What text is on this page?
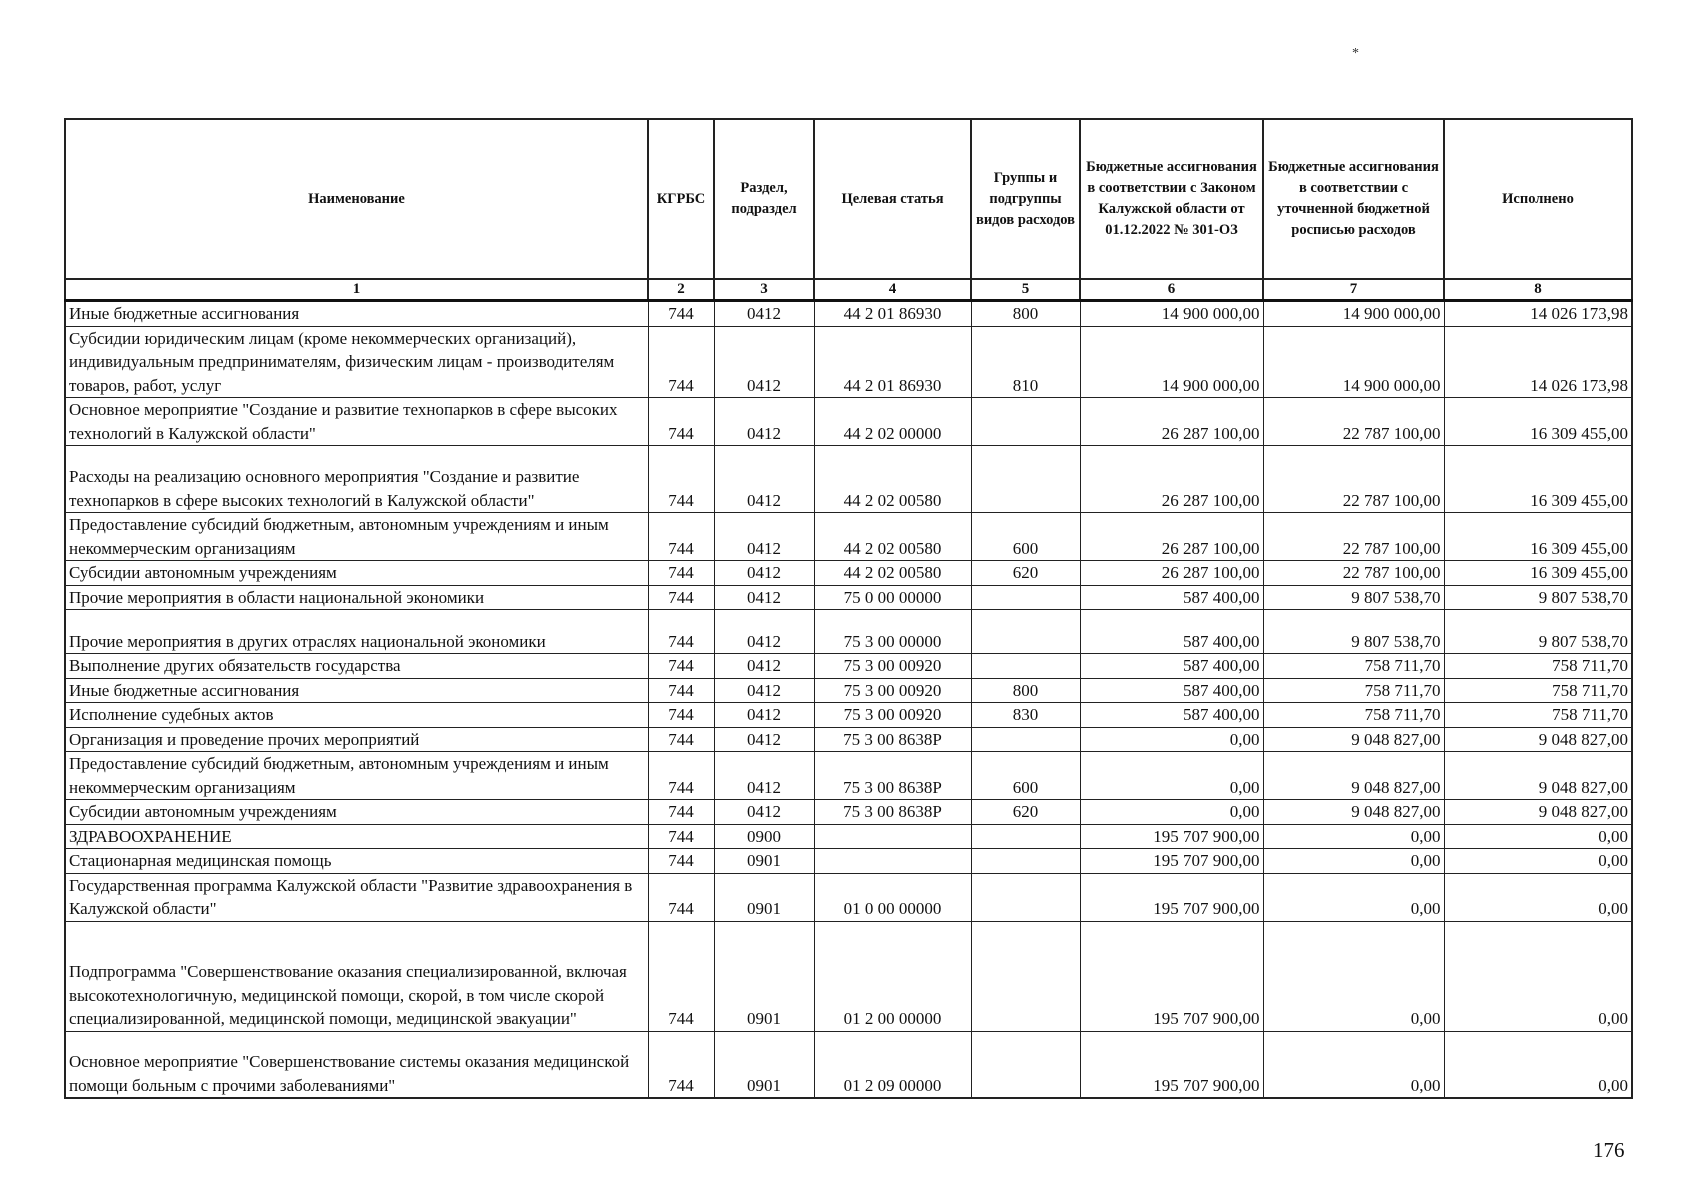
*
Наименование	КГРБС	Раздел, подраздел	Целевая статья	Группы и подгруппы видов расходов	Бюджетные ассигнования в соответствии с Законом Калужской области от 01.12.2022 № 301-ОЗ	Бюджетные ассигнования в соответствии с уточненной бюджетной росписью расходов	Исполнено
1	2	3	4	5	6	7	8
Иные бюджетные ассигнования	744	0412	44 2 01 86930	800	14 900 000,00	14 900 000,00	14 026 173,98
Субсидии юридическим лицам (кроме некоммерческих организаций), индивидуальным предпринимателям, физическим лицам - производителям товаров, работ, услуг	744	0412	44 2 01 86930	810	14 900 000,00	14 900 000,00	14 026 173,98
Основное мероприятие "Создание и развитие технопарков в сфере высоких технологий в Калужской области"	744	0412	44 2 02 00000		26 287 100,00	22 787 100,00	16 309 455,00
Расходы на реализацию основного мероприятия "Создание и развитие технопарков в сфере высоких технологий в Калужской области"	744	0412	44 2 02 00580		26 287 100,00	22 787 100,00	16 309 455,00
Предоставление субсидий бюджетным, автономным учреждениям и иным некоммерческим организациям	744	0412	44 2 02 00580	600	26 287 100,00	22 787 100,00	16 309 455,00
Субсидии автономным учреждениям	744	0412	44 2 02 00580	620	26 287 100,00	22 787 100,00	16 309 455,00
Прочие мероприятия в области национальной экономики	744	0412	75 0 00 00000		587 400,00	9 807 538,70	9 807 538,70
Прочие мероприятия в других отраслях национальной экономики	744	0412	75 3 00 00000		587 400,00	9 807 538,70	9 807 538,70
Выполнение других обязательств государства	744	0412	75 3 00 00920		587 400,00	758 711,70	758 711,70
Иные бюджетные ассигнования	744	0412	75 3 00 00920	800	587 400,00	758 711,70	758 711,70
Исполнение судебных актов	744	0412	75 3 00 00920	830	587 400,00	758 711,70	758 711,70
Организация и проведение прочих мероприятий	744	0412	75 3 00 8638Р		0,00	9 048 827,00	9 048 827,00
Предоставление субсидий бюджетным, автономным учреждениям и иным некоммерческим организациям	744	0412	75 3 00 8638Р	600	0,00	9 048 827,00	9 048 827,00
Субсидии автономным учреждениям	744	0412	75 3 00 8638Р	620	0,00	9 048 827,00	9 048 827,00
ЗДРАВООХРАНЕНИЕ	744	0900			195 707 900,00	0,00	0,00
Стационарная медицинская помощь	744	0901			195 707 900,00	0,00	0,00
Государственная программа Калужской области "Развитие здравоохранения в Калужской области"	744	0901	01 0 00 00000		195 707 900,00	0,00	0,00
Подпрограмма "Совершенствование оказания специализированной, включая высокотехнологичную, медицинской помощи, скорой, в том числе скорой специализированной, медицинской помощи, медицинской эвакуации"	744	0901	01 2 00 00000		195 707 900,00	0,00	0,00
Основное мероприятие "Совершенствование системы оказания медицинской помощи больным с прочими заболеваниями"	744	0901	01 2 09 00000		195 707 900,00	0,00	0,00
176
